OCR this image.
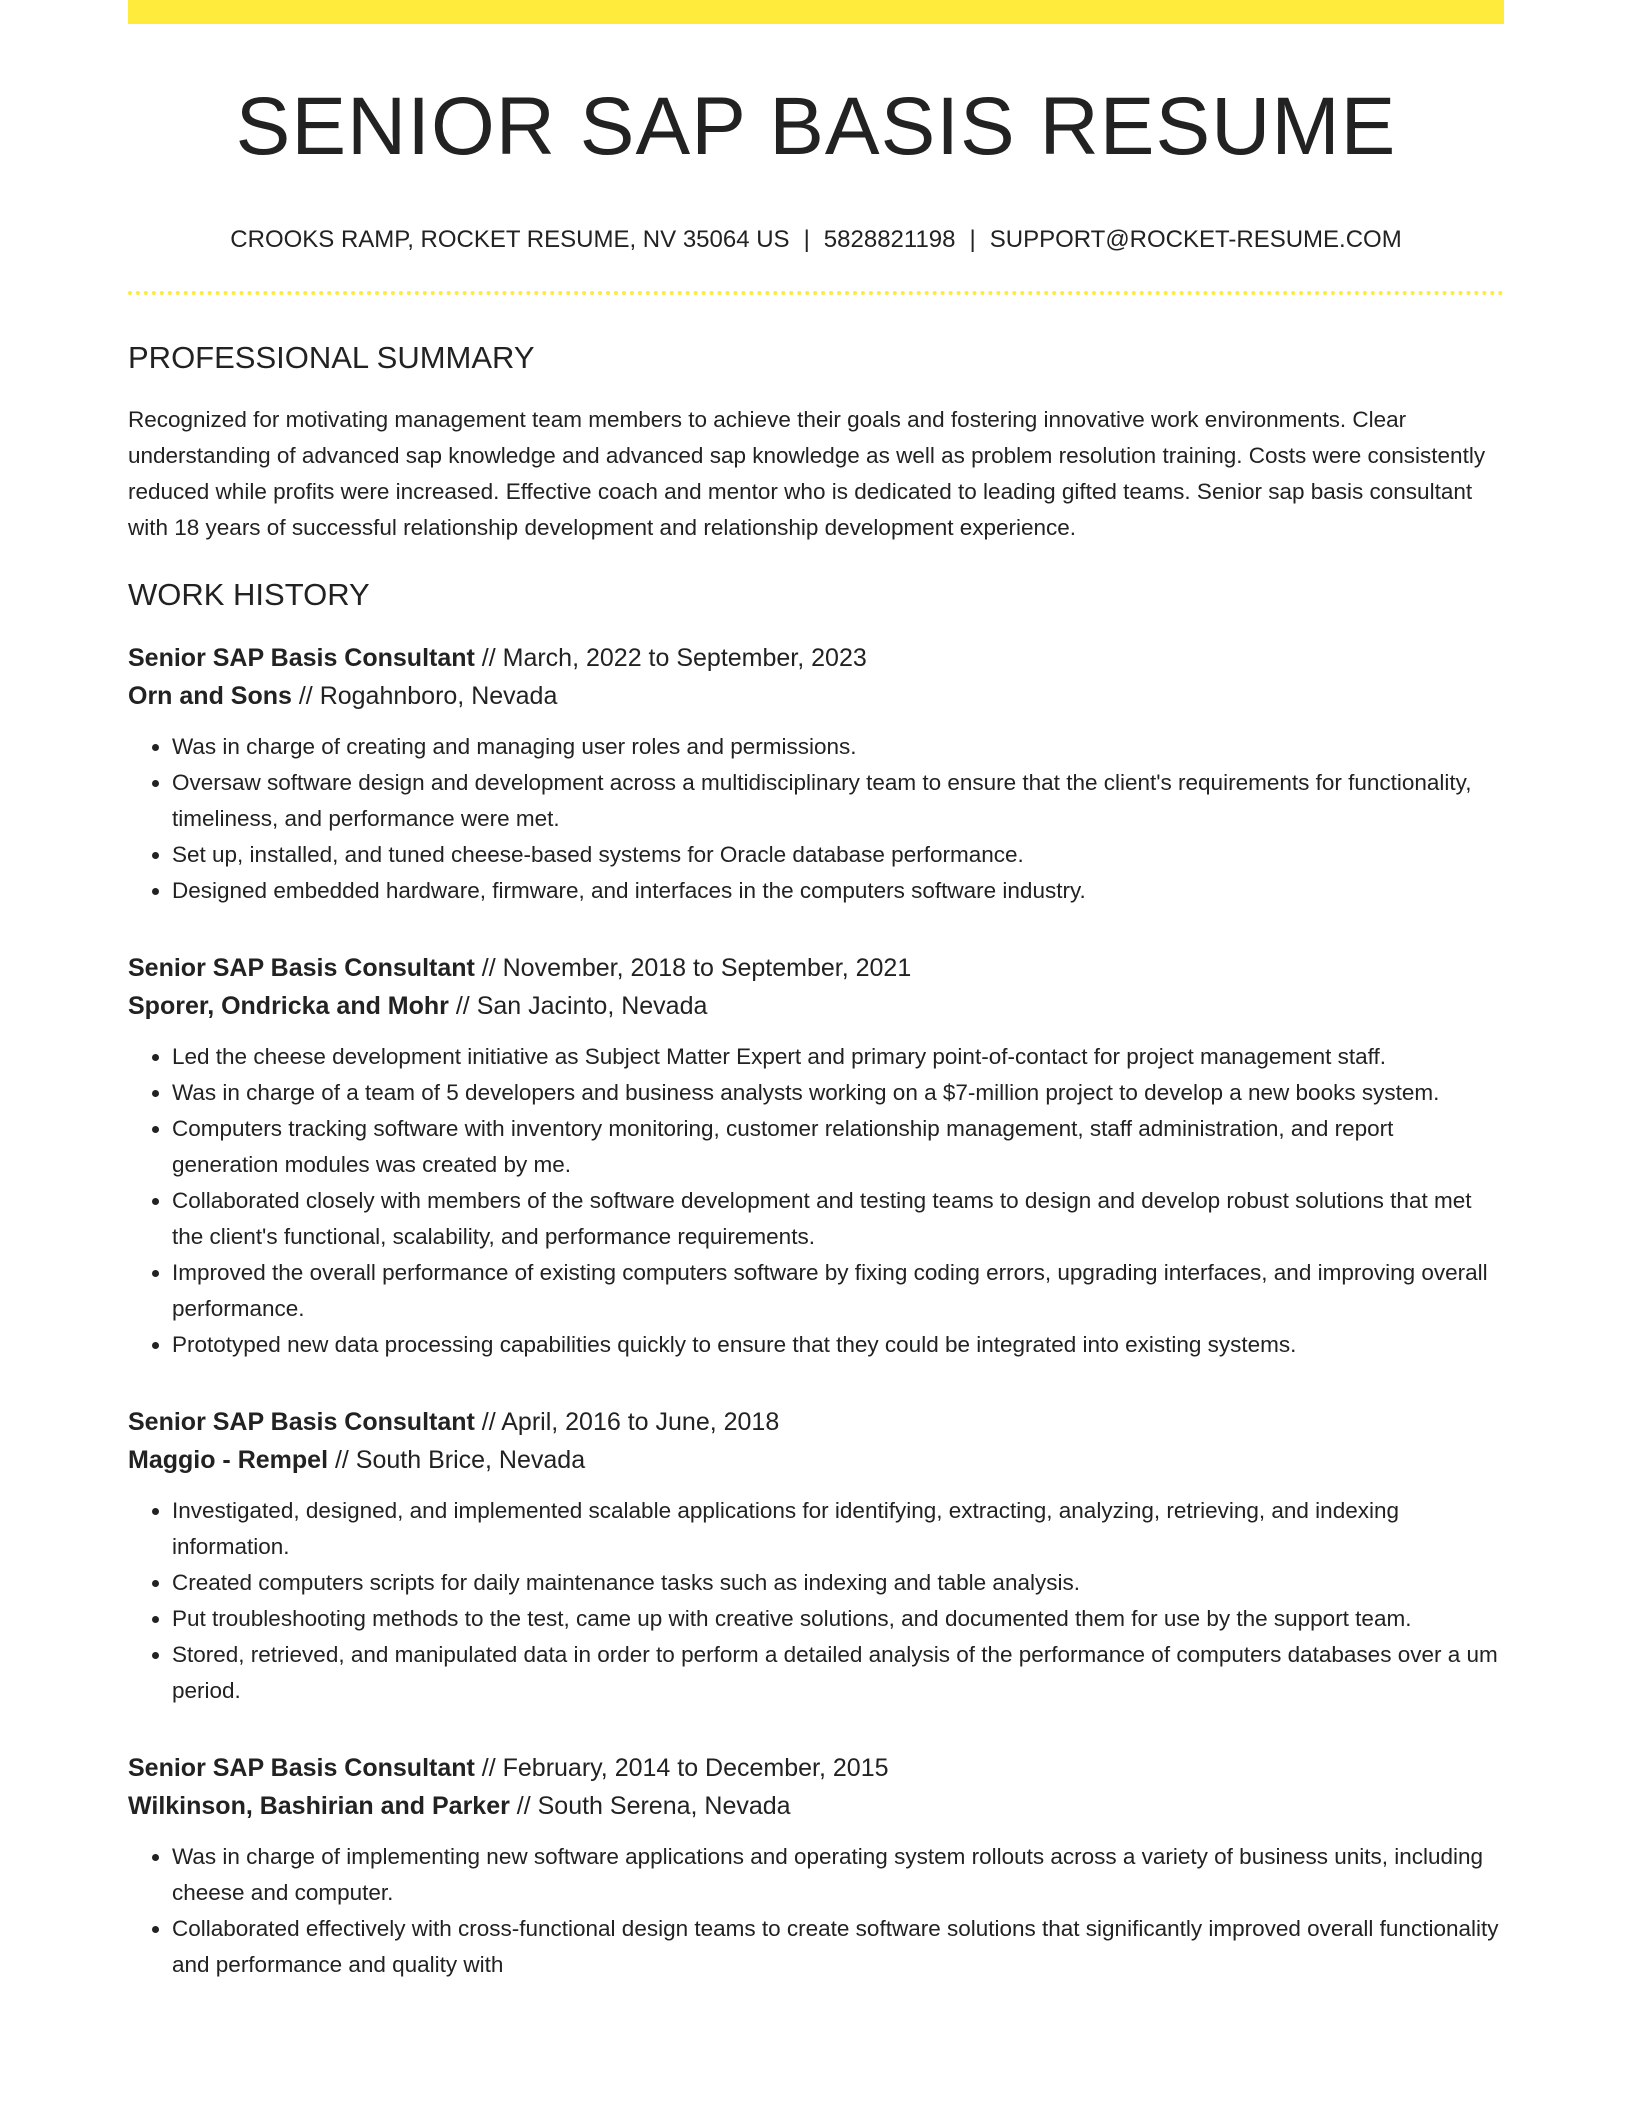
SENIOR SAP BASIS RESUME
CROOKS RAMP, ROCKET RESUME, NV 35064 US | 5828821198 | SUPPORT@ROCKET-RESUME.COM
PROFESSIONAL SUMMARY

Recognized for motivating management team members to achieve their goals and fostering innovative work environments. Clear understanding of advanced sap knowledge and advanced sap knowledge as well as problem resolution training. Costs were consistently reduced while profits were increased. Effective coach and mentor who is dedicated to leading gifted teams. Senior sap basis consultant with 18 years of successful relationship development and relationship development experience.

WORK HISTORY
Senior SAP Basis Consultant // March, 2022 to September, 2023
Orn and Sons // Rogahnboro, Nevada
• Was in charge of creating and managing user roles and permissions.
• Oversaw software design and development across a multidisciplinary team to ensure that the client's requirements for functionality, timeliness, and performance were met.
• Set up, installed, and tuned cheese-based systems for Oracle database performance.
• Designed embedded hardware, firmware, and interfaces in the computers software industry.
Senior SAP Basis Consultant // November, 2018 to September, 2021
Sporer, Ondricka and Mohr // San Jacinto, Nevada
• Led the cheese development initiative as Subject Matter Expert and primary point-of-contact for project management staff.
• Was in charge of a team of 5 developers and business analysts working on a $7-million project to develop a new books system.
• Computers tracking software with inventory monitoring, customer relationship management, staff administration, and report generation modules was created by me.
• Collaborated closely with members of the software development and testing teams to design and develop robust solutions that met the client's functional, scalability, and performance requirements.
• Improved the overall performance of existing computers software by fixing coding errors, upgrading interfaces, and improving overall performance.
• Prototyped new data processing capabilities quickly to ensure that they could be integrated into existing systems.
Senior SAP Basis Consultant // April, 2016 to June, 2018
Maggio - Rempel // South Brice, Nevada
• Investigated, designed, and implemented scalable applications for identifying, extracting, analyzing, retrieving, and indexing information.
• Created computers scripts for daily maintenance tasks such as indexing and table analysis.
• Put troubleshooting methods to the test, came up with creative solutions, and documented them for use by the support team.
• Stored, retrieved, and manipulated data in order to perform a detailed analysis of the performance of computers databases over a um period.
Senior SAP Basis Consultant // February, 2014 to December, 2015
Wilkinson, Bashirian and Parker // South Serena, Nevada
• Was in charge of implementing new software applications and operating system rollouts across a variety of business units, including cheese and computer.
• Collaborated effectively with cross-functional design teams to create software solutions that significantly improved overall functionality and performance and quality with
